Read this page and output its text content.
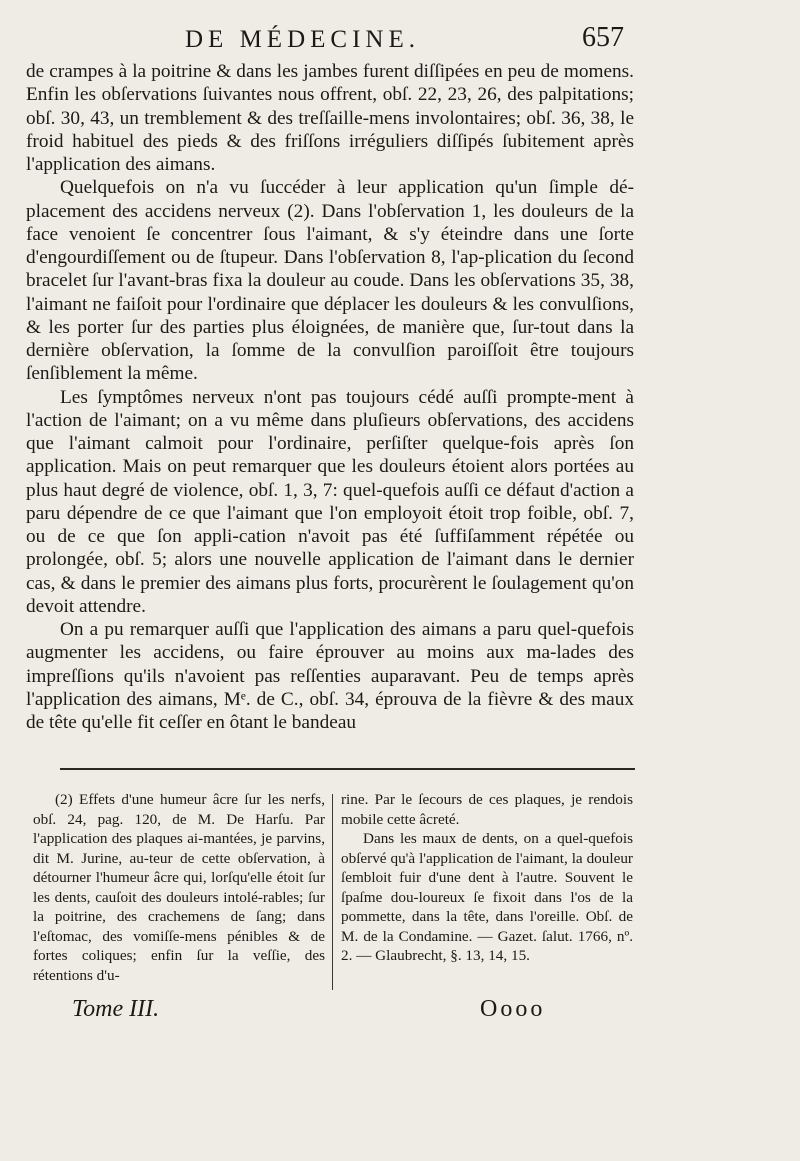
DE MÉDECINE.	657

de crampes à la poitrine & dans les jambes furent diſſipées en peu de momens. Enfin les obſervations ſuivantes nous offrent, obſ. 22, 23, 26, des palpitations; obſ. 30, 43, un tremblement & des treſſaille-mens involontaires; obſ. 36, 38, le froid habituel des pieds & des friſſons irréguliers diſſipés ſubitement après l'application des aimans.

Quelquefois on n'a vu ſuccéder à leur application qu'un ſimple dé-placement des accidens nerveux (2). Dans l'obſervation 1, les douleurs de la face venoient ſe concentrer ſous l'aimant, & s'y éteindre dans une ſorte d'engourdiſſement ou de ſtupeur. Dans l'obſervation 8, l'ap-plication du ſecond bracelet ſur l'avant-bras fixa la douleur au coude. Dans les obſervations 35, 38, l'aimant ne faiſoit pour l'ordinaire que déplacer les douleurs & les convulſions, & les porter ſur des parties plus éloignées, de manière que, ſur-tout dans la dernière obſervation, la ſomme de la convulſion paroiſſoit être toujours ſenſiblement la même.

Les ſymptômes nerveux n'ont pas toujours cédé auſſi prompte-ment à l'action de l'aimant; on a vu même dans pluſieurs obſervations, des accidens que l'aimant calmoit pour l'ordinaire, perſiſter quelque-fois après ſon application. Mais on peut remarquer que les douleurs étoient alors portées au plus haut degré de violence, obſ. 1, 3, 7: quel-quefois auſſi ce défaut d'action a paru dépendre de ce que l'aimant que l'on employoit étoit trop foible, obſ. 7, ou de ce que ſon appli-cation n'avoit pas été ſuffiſamment répétée ou prolongée, obſ. 5; alors une nouvelle application de l'aimant dans le dernier cas, & dans le premier des aimans plus forts, procurèrent le ſoulagement qu'on devoit attendre.

On a pu remarquer auſſi que l'application des aimans a paru quel-quefois augmenter les accidens, ou faire éprouver au moins aux ma-lades des impreſſions qu'ils n'avoient pas reſſenties auparavant. Peu de temps après l'application des aimans, Mᵉ. de C., obſ. 34, éprouva de la fièvre & des maux de tête qu'elle fit ceſſer en ôtant le bandeau

(2) Effets d'une humeur âcre ſur les nerfs, obſ. 24, pag. 120, de M. De Harſu. Par l'application des plaques ai-mantées, je parvins, dit M. Jurine, au-teur de cette obſervation, à détourner l'humeur âcre qui, lorſqu'elle étoit ſur les dents, cauſoit des douleurs intolé-rables; ſur la poitrine, des crachemens de ſang; dans l'eſtomac, des vomiſſe-mens pénibles & de fortes coliques; enfin ſur la veſſie, des rétentions d'u-

rine. Par le ſecours de ces plaques, je rendois mobile cette âcreté.

Dans les maux de dents, on a quel-quefois obſervé qu'à l'application de l'aimant, la douleur ſembloit fuir d'une dent à l'autre. Souvent le ſpaſme dou-loureux ſe fixoit dans l'os de la pommette, dans la tête, dans l'oreille. Obſ. de M. de la Condamine. — Gazet. ſalut. 1766, nº. 2. — Glaubrecht, §. 13, 14, 15.

Tome III.	Oooo
